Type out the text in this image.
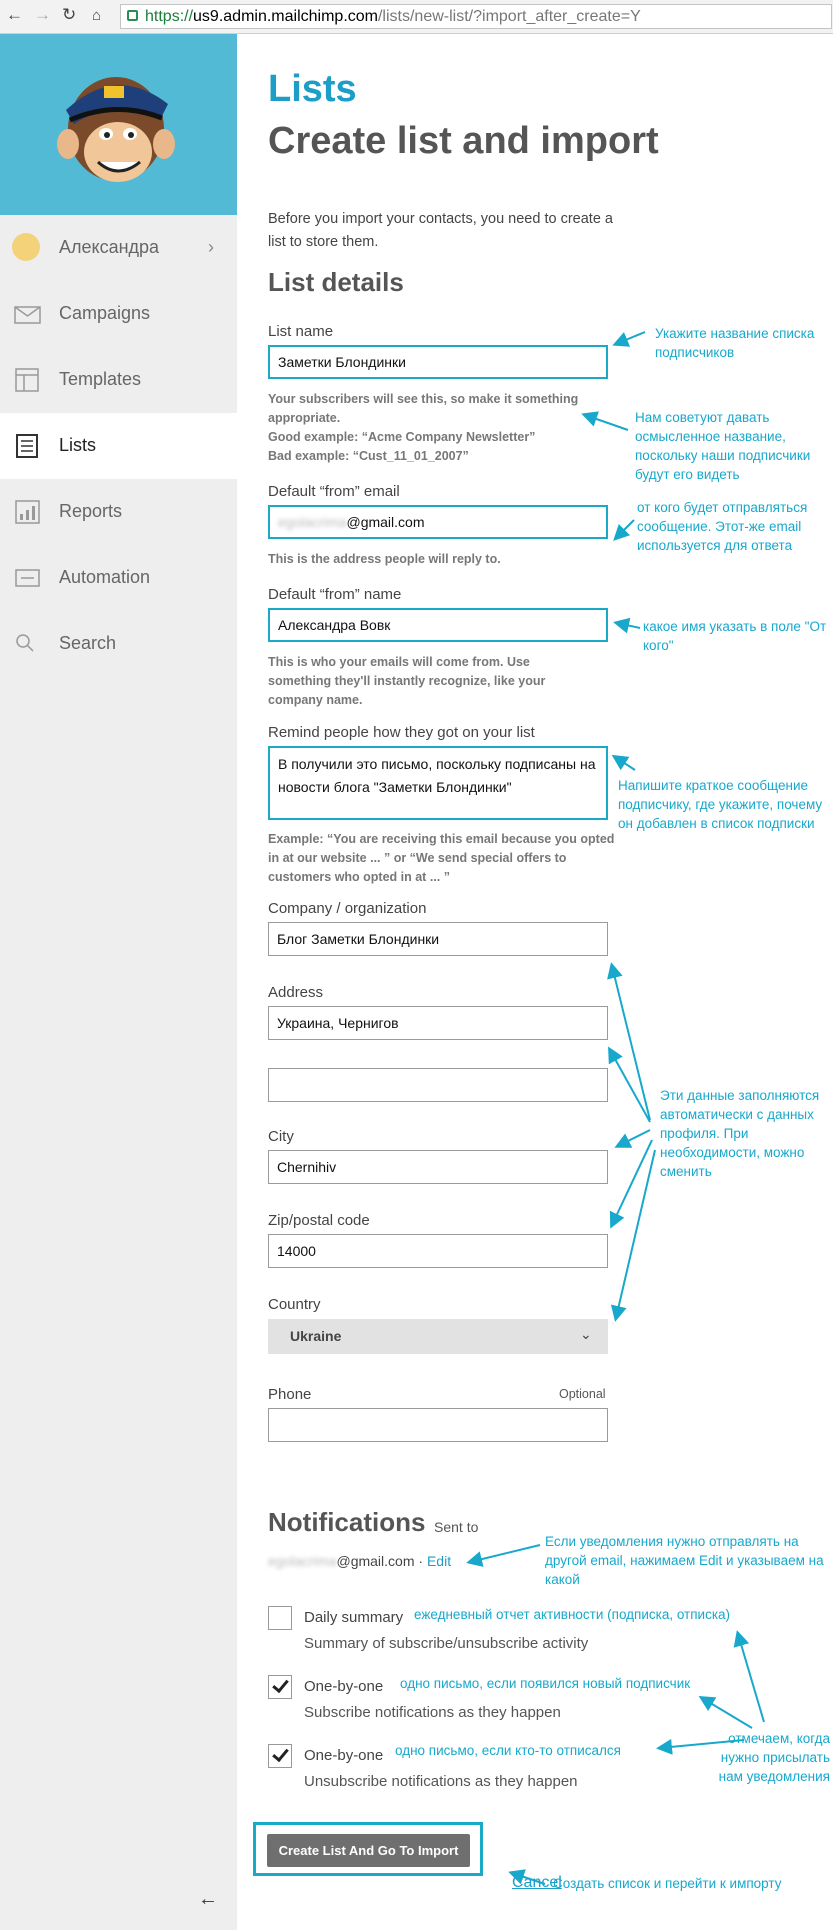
← → ↻ ⌂	https://us9.admin.mailchimp.com/lists/new-list/?import_after_create=Y
Александра	›
Campaigns
Templates
Lists
Reports
Automation
Search
←
Lists
Create list and import
Before you import your contacts, you need to create a list to store them.
List details
List name
Заметки Блондинки
Your subscribers will see this, so make it something appropriate.
Good example: “Acme Company Newsletter”
Bad example: “Cust_11_01_2007”
Default “from” email
egolacrima@gmail.com
This is the address people will reply to.
Default “from” name
Александра Вовк
This is who your emails will come from. Use something they'll instantly recognize, like your company name.
Remind people how they got on your list
В получили это письмо, поскольку подписаны на новости блога "Заметки Блондинки"
Example: “You are receiving this email because you opted in at our website ... ” or “We send special offers to customers who opted in at ... ”
Company / organization
Блог Заметки Блондинки
Address
Украина, Чернигов
City
Chernihiv
Zip/postal code
14000
Country
Ukraine	⌄
Phone	Optional
Notifications Sent to
egolacrima@gmail.com · Edit
Daily summary
Summary of subscribe/unsubscribe activity
One-by-one
Subscribe notifications as they happen
One-by-one
Unsubscribe notifications as they happen
Create List And Go To Import
Cancel
Укажите название списка подписчиков
Нам советуют давать осмысленное название, поскольку наши подписчики будут его видеть
от кого будет отправляться сообщение. Этот-же email используется для ответа
какое имя указать в поле "От кого"
Напишите краткое сообщение подписчику, где укажите, почему он добавлен в список подписки
Эти данные заполняются автоматически с данных профиля. При необходимости, можно сменить
Если уведомления нужно отправлять на другой email, нажимаем Edit и указываем на какой
ежедневный отчет активности (подписка, отписка)
одно письмо, если появился новый подписчик
одно письмо, если кто-то отписался
отмечаем, когда нужно присылать нам уведомления
Создать список и перейти к импорту
